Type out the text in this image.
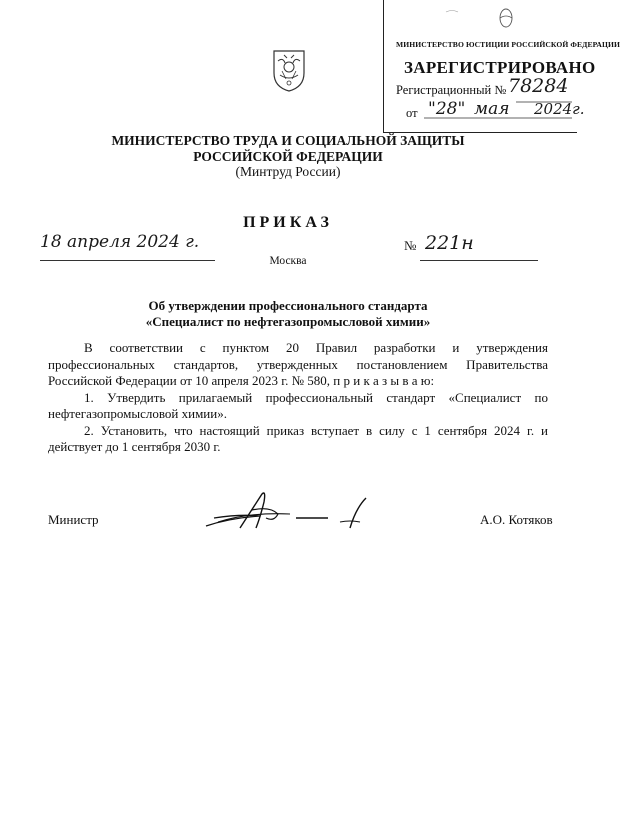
МИНИСТЕРСТВО ЮСТИЦИИ РОССИЙСКОЙ ФЕДЕРАЦИИ
ЗАРЕГИСТРИРОВАНО
Регистрационный № 78284
от "28" мая 2024г.
МИНИСТЕРСТВО ТРУДА И СОЦИАЛЬНОЙ ЗАЩИТЫ
РОССИЙСКОЙ ФЕДЕРАЦИИ
(Минтруд России)
ПРИКАЗ
18 апреля 2024 г.	№ 221н
Москва
Об утверждении профессионального стандарта
«Специалист по нефтегазопромысловой химии»

В соответствии с пунктом 20 Правил разработки и утверждения профессиональных стандартов, утвержденных постановлением Правительства Российской Федерации от 10 апреля 2023 г. № 580, п р и к а з ы в а ю:

1. Утвердить прилагаемый профессиональный стандарт «Специалист по нефтегазопромысловой химии».

2. Установить, что настоящий приказ вступает в силу с 1 сентября 2024 г. и действует до 1 сентября 2030 г.

Министр	А.О. Котяков
